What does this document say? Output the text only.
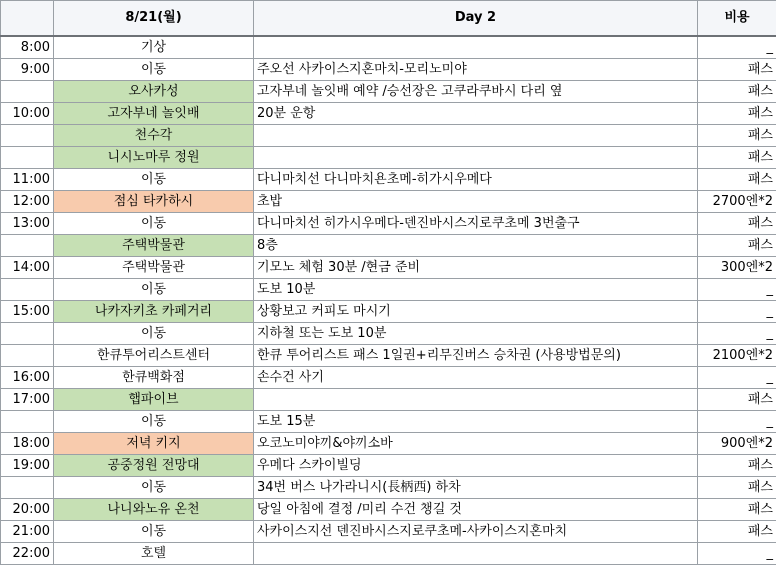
	8/21(월)	Day 2	비용
8:00	기상		_
9:00	이동	주오선 사카이스지혼마치-모리노미야	패스
	오사카성	고자부네 놀잇배 예약 /승선장은 고쿠라쿠바시 다리 옆	패스
10:00	고자부네 놀잇배	20분 운항	패스
	천수각		패스
	니시노마루 정원		패스
11:00	이동	다니마치선 다니마치욘초메-히가시우메다	패스
12:00	점심 타카하시	초밥	2700엔*2
13:00	이동	다니마치선 히가시우메다-덴진바시스지로쿠초메 3번출구	패스
	주택박물관	8층	패스
14:00	주택박물관	기모노 체험 30분 /현금 준비	300엔*2
	이동	도보 10분	_
15:00	나카자키초 카페거리	상황보고 커피도 마시기	_
	이동	지하철 또는 도보 10분	_
	한큐투어리스트센터	한큐 투어리스트 패스 1일권+리무진버스 승차권 (사용방법문의)	2100엔*2
16:00	한큐백화점	손수건 사기	_
17:00	햅파이브		패스
	이동	도보 15분	_
18:00	저녁 키지	오코노미야끼&야끼소바	900엔*2
19:00	공중정원 전망대	우메다 스카이빌딩	패스
	이동	34번 버스 나가라니시(長柄西) 하차	패스
20:00	나니와노유 온천	당일 아침에 결정 /미리 수건 챙길 것	패스
21:00	이동	사카이스지선 덴진바시스지로쿠초메-사카이스지혼마치	패스
22:00	호텔		_
